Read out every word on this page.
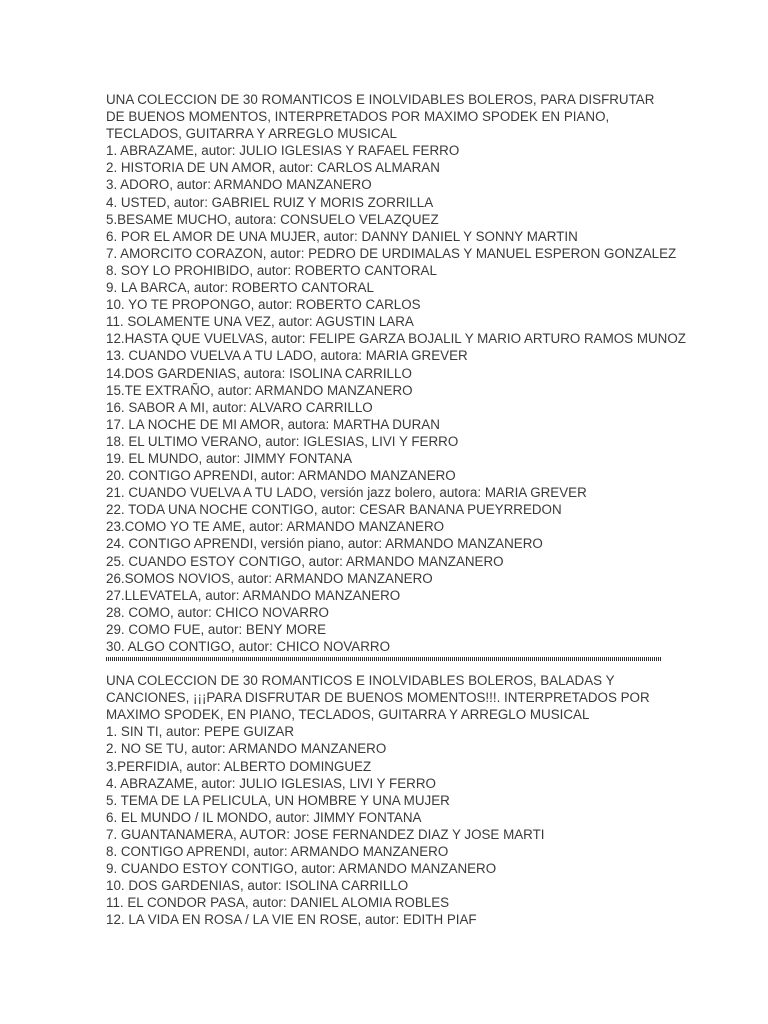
UNA COLECCION DE 30 ROMANTICOS E INOLVIDABLES BOLEROS, PARA DISFRUTAR DE BUENOS MOMENTOS, INTERPRETADOS POR MAXIMO SPODEK EN PIANO, TECLADOS, GUITARRA Y ARREGLO MUSICAL

1. ABRAZAME, autor: JULIO IGLESIAS Y RAFAEL FERRO

2. HISTORIA DE UN AMOR, autor: CARLOS ALMARAN

3. ADORO, autor: ARMANDO MANZANERO

4. USTED, autor: GABRIEL RUIZ Y MORIS ZORRILLA

5.BESAME MUCHO, autora: CONSUELO VELAZQUEZ

6. POR EL AMOR DE UNA MUJER, autor: DANNY DANIEL Y SONNY MARTIN

7. AMORCITO CORAZON, autor: PEDRO DE URDIMALAS Y MANUEL ESPERON GONZALEZ

8. SOY LO PROHIBIDO, autor: ROBERTO CANTORAL

9. LA BARCA, autor: ROBERTO CANTORAL

10. YO TE PROPONGO, autor: ROBERTO CARLOS

11. SOLAMENTE UNA VEZ, autor: AGUSTIN LARA

12.HASTA QUE VUELVAS, autor: FELIPE GARZA BOJALIL Y MARIO ARTURO RAMOS MUNOZ

13. CUANDO VUELVA A TU LADO, autora: MARIA GREVER

14.DOS GARDENIAS, autora: ISOLINA CARRILLO

15.TE EXTRAÑO, autor: ARMANDO MANZANERO

16. SABOR A MI, autor: ALVARO CARRILLO

17. LA NOCHE DE MI AMOR, autora: MARTHA DURAN

18. EL ULTIMO VERANO, autor: IGLESIAS, LIVI Y FERRO

19. EL MUNDO, autor: JIMMY FONTANA

20. CONTIGO APRENDI, autor: ARMANDO MANZANERO

21. CUANDO VUELVA A TU LADO, versión jazz bolero, autora: MARIA GREVER

22. TODA UNA NOCHE CONTIGO, autor: CESAR BANANA PUEYRREDON

23.COMO YO TE AME, autor: ARMANDO MANZANERO

24. CONTIGO APRENDI, versión piano, autor: ARMANDO MANZANERO

25. CUANDO ESTOY CONTIGO, autor: ARMANDO MANZANERO

26.SOMOS NOVIOS, autor: ARMANDO MANZANERO

27.LLEVATELA, autor: ARMANDO MANZANERO

28. COMO, autor: CHICO NOVARRO

29. COMO FUE, autor: BENY MORE

30. ALGO CONTIGO, autor: CHICO NOVARRO

UNA COLECCION DE 30 ROMANTICOS E INOLVIDABLES BOLEROS, BALADAS Y CANCIONES, ¡¡¡PARA DISFRUTAR DE BUENOS MOMENTOS!!!. INTERPRETADOS POR MAXIMO SPODEK, EN PIANO, TECLADOS, GUITARRA Y ARREGLO MUSICAL

1. SIN TI, autor: PEPE GUIZAR

2. NO SE TU, autor: ARMANDO MANZANERO

3.PERFIDIA, autor: ALBERTO DOMINGUEZ

4. ABRAZAME, autor: JULIO IGLESIAS, LIVI Y FERRO

5. TEMA DE LA PELICULA, UN HOMBRE Y UNA MUJER

6. EL MUNDO / IL MONDO, autor: JIMMY FONTANA

7. GUANTANAMERA, AUTOR: JOSE FERNANDEZ DIAZ Y JOSE MARTI

8. CONTIGO APRENDI, autor: ARMANDO MANZANERO

9. CUANDO ESTOY CONTIGO, autor: ARMANDO MANZANERO

10. DOS GARDENIAS, autor: ISOLINA CARRILLO

11. EL CONDOR PASA, autor: DANIEL ALOMIA ROBLES

12. LA VIDA EN ROSA / LA VIE EN ROSE, autor: EDITH PIAF
